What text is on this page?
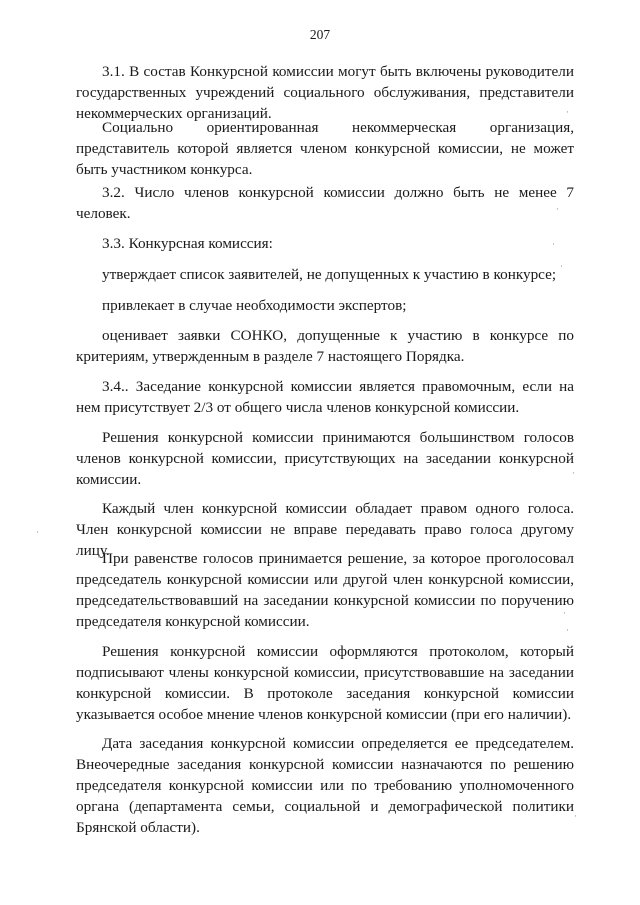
207

3.1. В состав Конкурсной комиссии могут быть включены руководители государственных учреждений социального обслуживания, представители некоммерческих организаций.

Социально ориентированная некоммерческая организация, представитель которой является членом конкурсной комиссии, не может быть участником конкурса.

3.2. Число членов конкурсной комиссии должно быть не менее 7 человек.

3.3. Конкурсная комиссия:

утверждает список заявителей, не допущенных к участию в конкурсе;

привлекает в случае необходимости экспертов;

оценивает заявки СОНКО, допущенные к участию в конкурсе по критериям, утвержденным в разделе 7 настоящего Порядка.

3.4.. Заседание конкурсной комиссии является правомочным, если на нем присутствует 2/3 от общего числа членов конкурсной комиссии.

Решения конкурсной комиссии принимаются большинством голосов членов конкурсной комиссии, присутствующих на заседании конкурсной комиссии.

Каждый член конкурсной комиссии обладает правом одного голоса. Член конкурсной комиссии не вправе передавать право голоса другому лицу.

При равенстве голосов принимается решение, за которое проголосовал председатель конкурсной комиссии или другой член конкурсной комиссии, председательствовавший на заседании конкурсной комиссии по поручению председателя конкурсной комиссии.

Решения конкурсной комиссии оформляются протоколом, который подписывают члены конкурсной комиссии, присутствовавшие на заседании конкурсной комиссии. В протоколе заседания конкурсной комиссии указывается особое мнение членов конкурсной комиссии (при его наличии).

Дата заседания конкурсной комиссии определяется ее председателем. Внеочередные заседания конкурсной комиссии назначаются по решению председателя конкурсной комиссии или по требованию уполномоченного органа (департамента семьи, социальной и демографической политики Брянской области).

·
·
·
·
·
·
·
·
·
